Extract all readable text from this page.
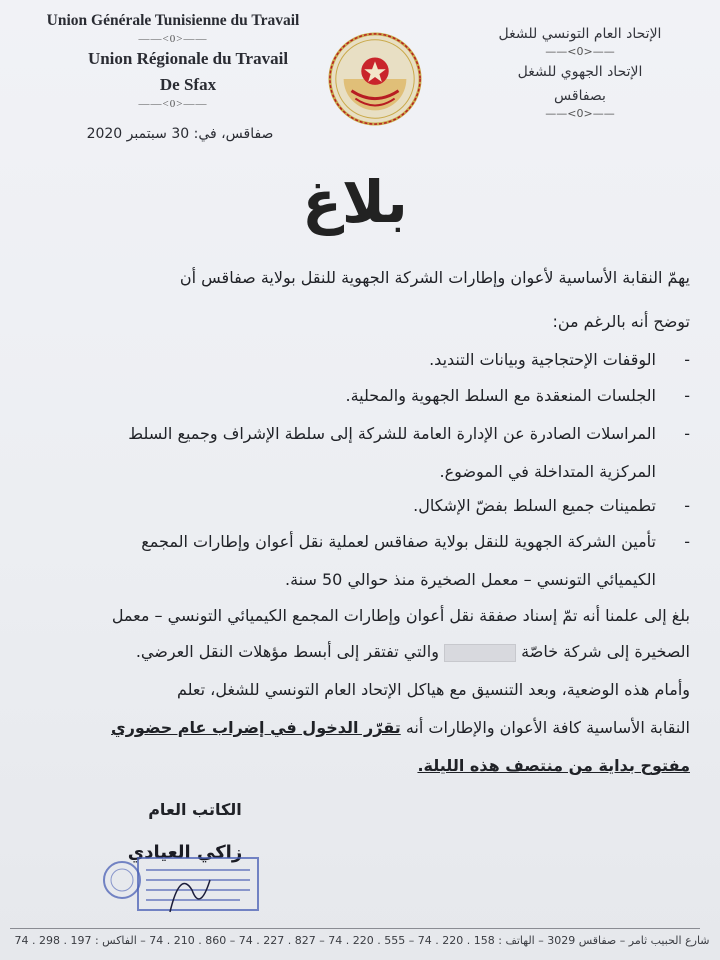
Union Générale Tunisienne du Travail
——<0>——
Union Régionale du Travail
De Sfax
——<0>——
الإتحاد العام التونسي للشغل
——<0>——
الإتحاد الجهوي للشغل
بصفاقس
——<0>——
صفاقس، في: 30 سبتمبر 2020
بلاغ
يهمّ النقابة الأساسية لأعوان وإطارات الشركة الجهوية للنقل بولاية صفاقس أن
توضح أنه بالرغم من:
-
الوقفات الإحتجاجية وبيانات التنديد.
-
الجلسات المنعقدة مع السلط الجهوية والمحلية.
-
المراسلات الصادرة عن الإدارة العامة للشركة إلى سلطة الإشراف وجميع السلط
المركزية المتداخلة في الموضوع.
-
تطمينات جميع السلط بفضّ الإشكال.
-
تأمين الشركة الجهوية للنقل بولاية صفاقس لعملية نقل أعوان وإطارات المجمع
الكيميائي التونسي – معمل الصخيرة منذ حوالي 50 سنة.
بلغ إلى علمنا أنه تمّ إسناد صفقة نقل أعوان وإطارات المجمع الكيميائي التونسي – معمل
الصخيرة إلى شركة خاصّة  والتي تفتقر إلى أبسط مؤهلات النقل العرضي.
وأمام هذه الوضعية، وبعد التنسيق مع هياكل الإتحاد العام التونسي للشغل، تعلم
النقابة الأساسية كافة الأعوان والإطارات أنه تقرّر الدخول في إضراب عام حضوري
مفتوح بداية من منتصف هذه الليلة.
الكاتب العام
زاكي العيادي
شارع الحبيب ثامر – صفاقس 3029 – الهاتف : 158 . 220 . 74 – 555 . 220 . 74 – 827 . 227 . 74 – 860 . 210 . 74 – الفاكس : 197 . 298 . 74
